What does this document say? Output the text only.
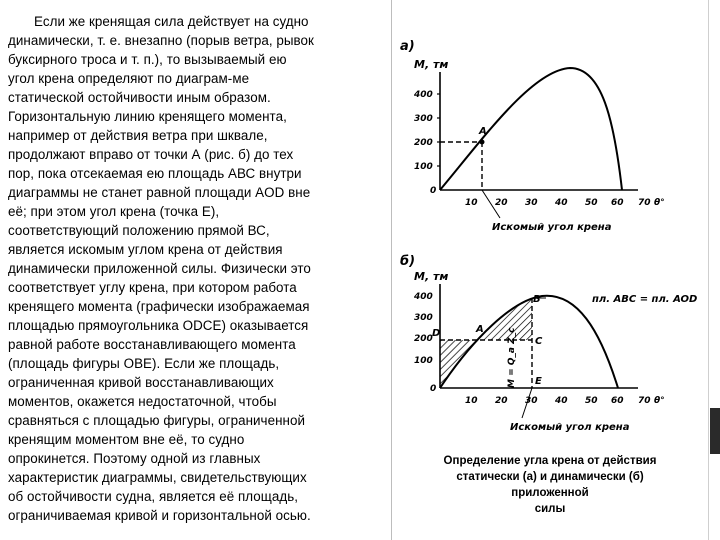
Если же кренящая сила действует на судно
динамически, т. е. внезапно (порыв ветра, рывок
буксирного троса и т. п.), то вызываемый ею
угол крена определяют по диаграм-ме
статической остойчивости иным образом.
Горизонтальную линию кренящего момента,
например от действия ветра при шквале,
продолжают вправо от точки А (рис. б) до тех
пор, пока отсекаемая ею площадь АВС внутри
диаграммы не станет равной площади AOD вне
её; при этом угол крена (точка Е),
соответствующий положению прямой ВС,
является искомым углом крена от действия
динамически приложенной силы. Физически это
соответствует углу крена, при котором работа
кренящего момента (графически изображаемая
площадью прямоугольника ODCE) оказывается
равной работе восстанавливающего момента
(площадь фигуры OBE). Если же площадь,
ограниченная кривой восстанавливающих
моментов, окажется недостаточной, чтобы
сравняться с площадью фигуры, ограниченной
кренящим моментом вне её, то судно
опрокинется. Поэтому одной из главных
характеристик диаграммы, свидетельствующих
об остойчивости судна, является её площадь,
ограничиваемая кривой и горизонтальной осью.
а)
М, тм
400
300
200
100
0
10 20 30 40 50 60 70 θ°
А
Искомый угол крена
б)
М, тм
400
300
200
100
0
А
В
С
D
Е
М = Q_a Z_с
пл. ABC = пл. AOD
10 20 30 40 50 60 70 θ°
Искомый угол крена
Определение угла крена от действия
статически (а) и динамически (б)
приложенной
силы
